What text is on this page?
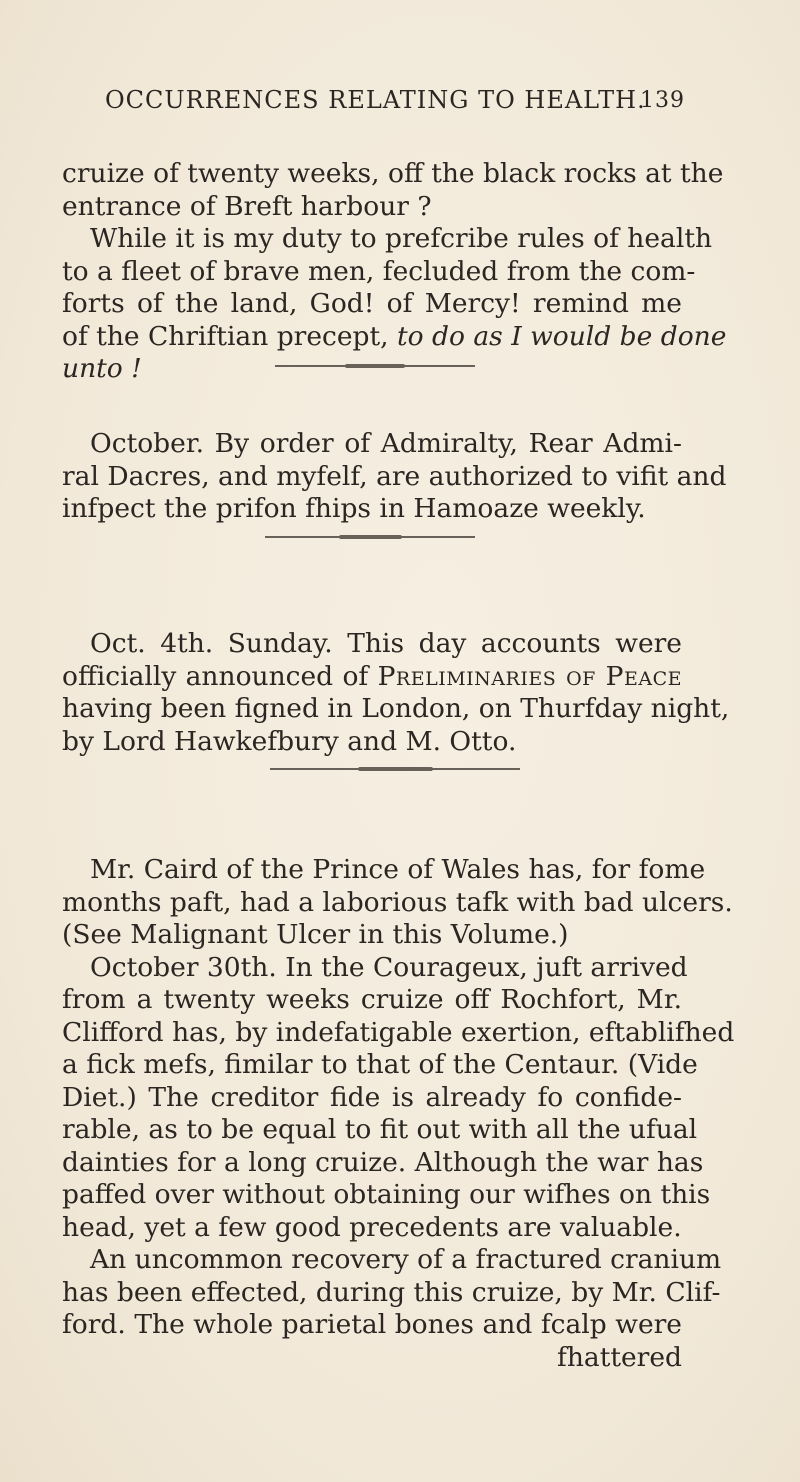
OCCURRENCES RELATING TO HEALTH.
139
cruize of twenty weeks, off the black rocks at the
entrance of Breft harbour ?
While it is my duty to prefcribe rules of health
to a fleet of brave men, fecluded from the com-
forts of the land, God! of Mercy! remind me
of the Chriftian precept, to do as I would be done
unto !
October. By order of Admiralty, Rear Admi-
ral Dacres, and myfelf, are authorized to vifit and
infpect the prifon fhips in Hamoaze weekly.
Oct. 4th. Sunday. This day accounts were
officially announced of Preliminaries of Peace
having been figned in London, on Thurfday night,
by Lord Hawkefbury and M. Otto.
Mr. Caird of the Prince of Wales has, for fome
months paft, had a laborious tafk with bad ulcers.
(See Malignant Ulcer in this Volume.)
October 30th. In the Courageux, juft arrived
from a twenty weeks cruize off Rochfort, Mr.
Clifford has, by indefatigable exertion, eftablifhed
a fick mefs, fimilar to that of the Centaur. (Vide
Diet.) The creditor fide is already fo confide-
rable, as to be equal to fit out with all the ufual
dainties for a long cruize. Although the war has
paffed over without obtaining our wifhes on this
head, yet a few good precedents are valuable.
An uncommon recovery of a fractured cranium
has been effected, during this cruize, by Mr. Clif-
ford. The whole parietal bones and fcalp were
fhattered
